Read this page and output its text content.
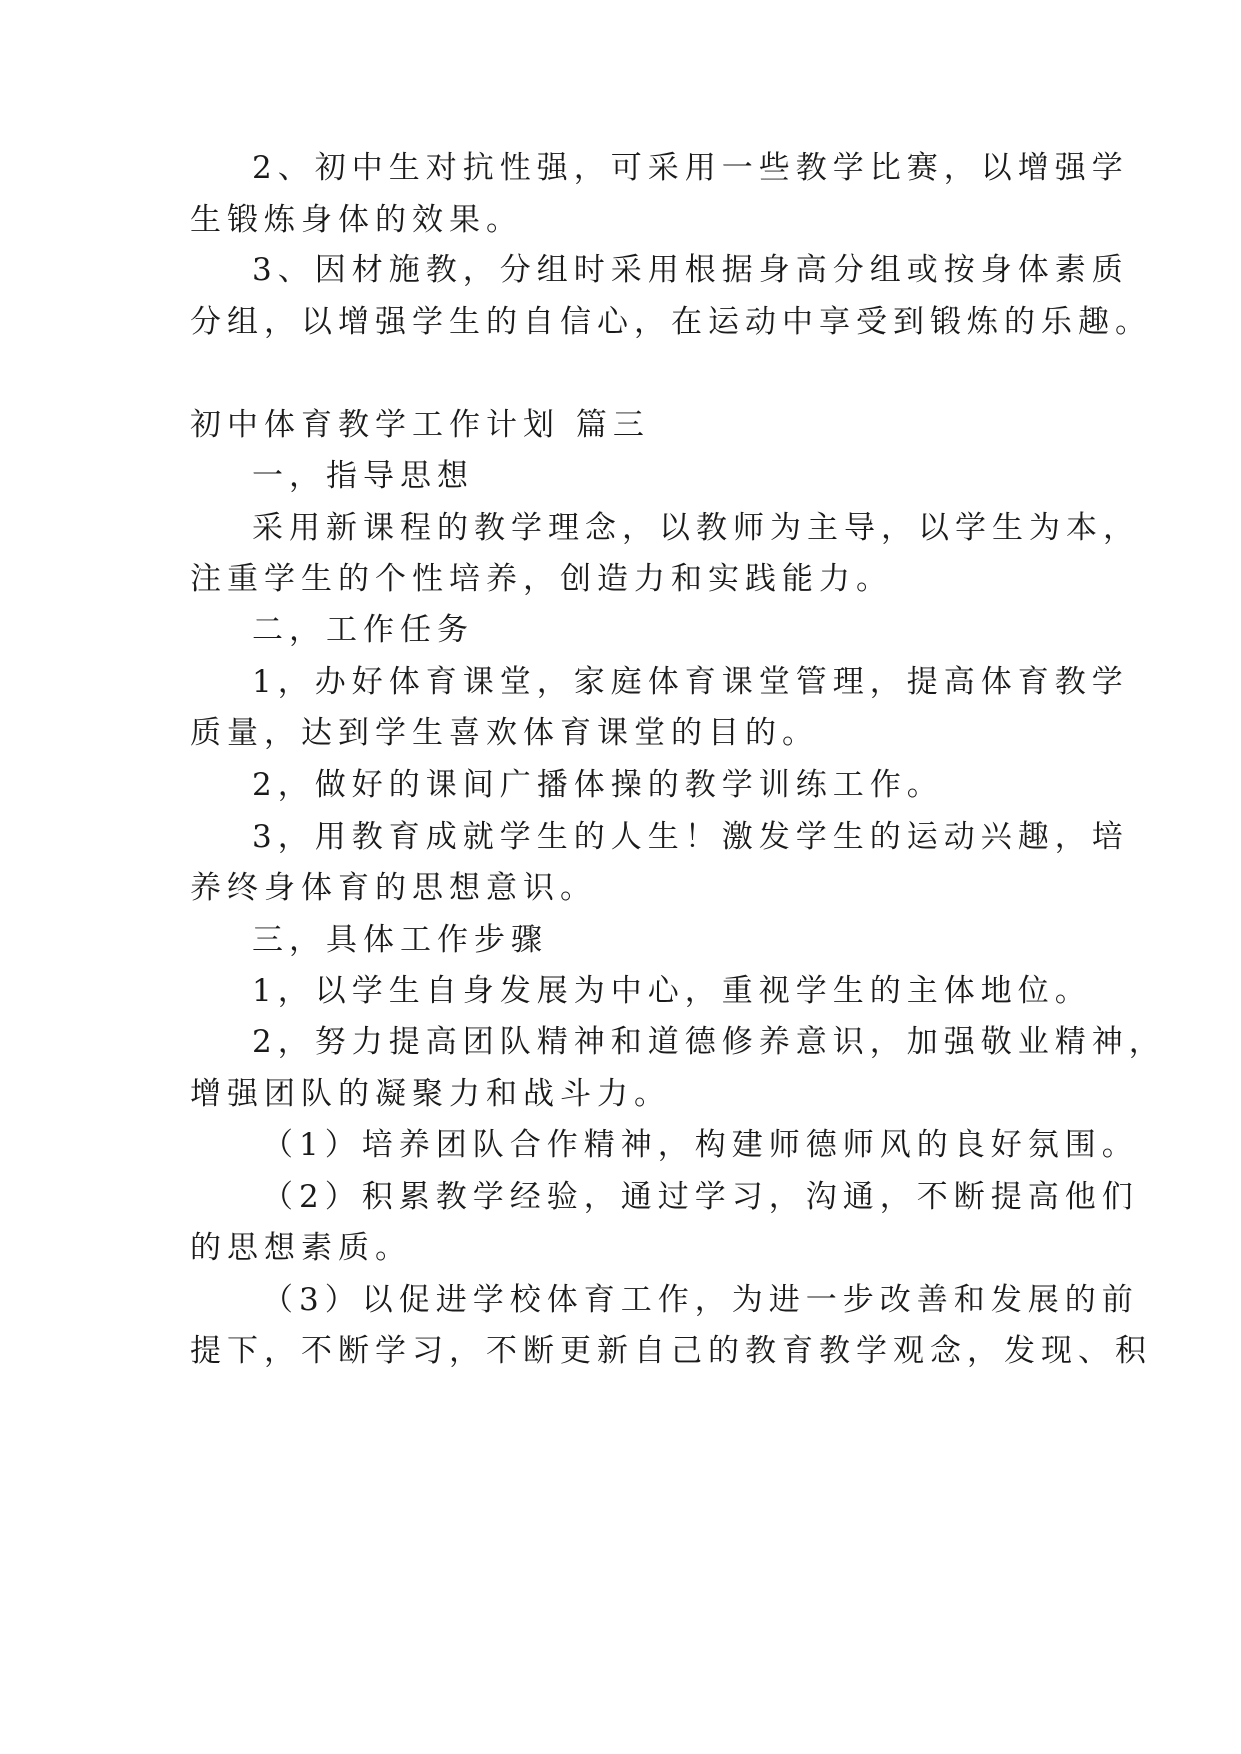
2、初中生对抗性强，可采用一些教学比赛，以增强学
生锻炼身体的效果。
3、因材施教，分组时采用根据身高分组或按身体素质
分组，以增强学生的自信心，在运动中享受到锻炼的乐趣。
初中体育教学工作计划 篇三
一，指导思想
采用新课程的教学理念，以教师为主导，以学生为本，
注重学生的个性培养，创造力和实践能力。
二，工作任务
1，办好体育课堂，家庭体育课堂管理，提高体育教学
质量，达到学生喜欢体育课堂的目的。
2，做好的课间广播体操的教学训练工作。
3，用教育成就学生的人生！激发学生的运动兴趣，培
养终身体育的思想意识。
三，具体工作步骤
1，以学生自身发展为中心，重视学生的主体地位。
2，努力提高团队精神和道德修养意识，加强敬业精神，
增强团队的凝聚力和战斗力。
（1）培养团队合作精神，构建师德师风的良好氛围。
（2）积累教学经验，通过学习，沟通，不断提高他们
的思想素质。
（3）以促进学校体育工作，为进一步改善和发展的前
提下，不断学习，不断更新自己的教育教学观念，发现、积
